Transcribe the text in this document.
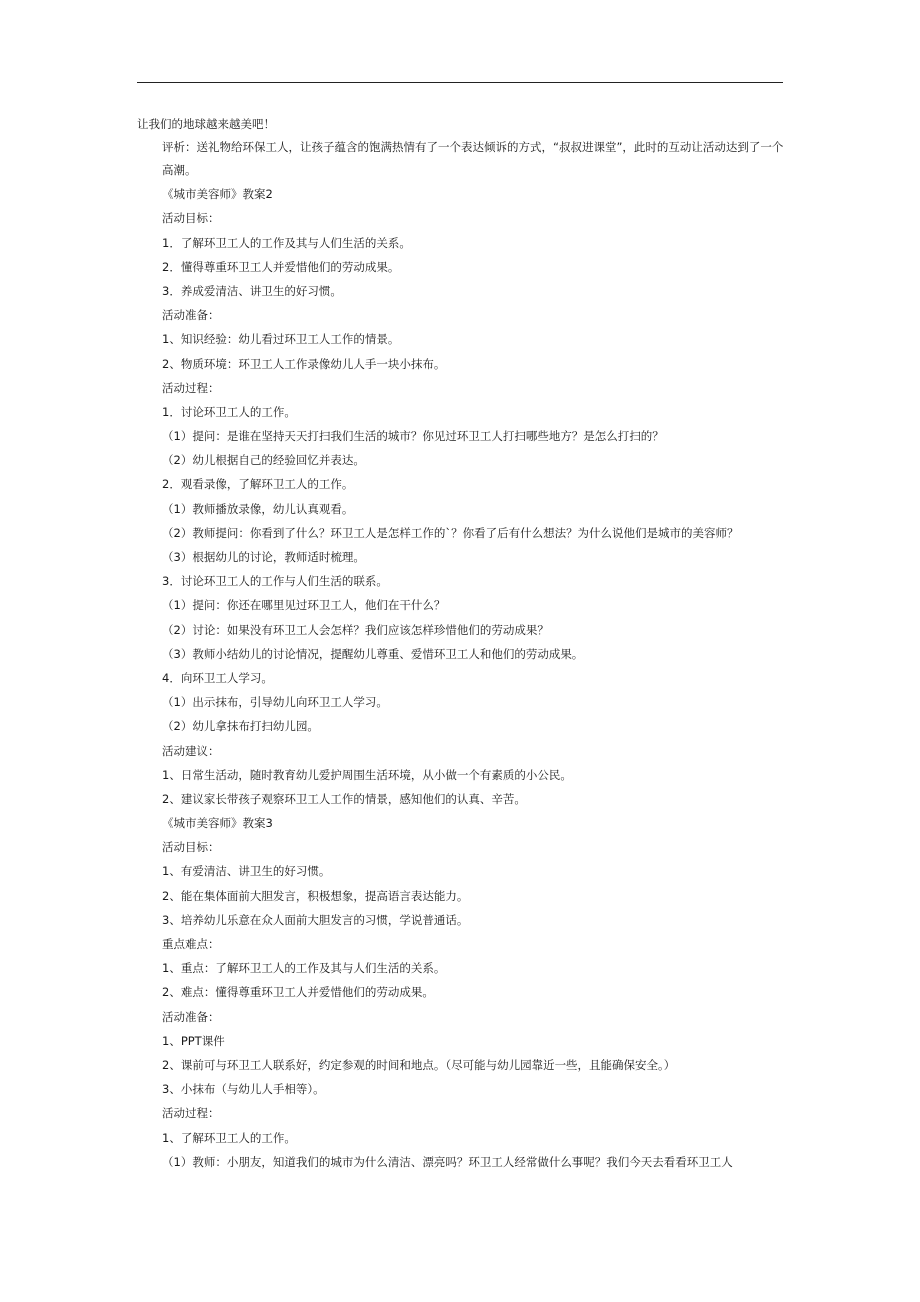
让我们的地球越来越美吧！
评析：送礼物给环保工人，让孩子蕴含的饱满热情有了一个表达倾诉的方式，“叔叔进课堂”，此时的互动让活动达到了一个高潮。
《城市美容师》教案2
活动目标：
1．了解环卫工人的工作及其与人们生活的关系。
2．懂得尊重环卫工人并爱惜他们的劳动成果。
3．养成爱清洁、讲卫生的好习惯。
活动准备：
1、知识经验：幼儿看过环卫工人工作的情景。
2、物质环境：环卫工人工作录像幼儿人手一块小抹布。
活动过程：
1．讨论环卫工人的工作。
（1）提问：是谁在坚持天天打扫我们生活的城市？你见过环卫工人打扫哪些地方？是怎么打扫的？
（2）幼儿根据自己的经验回忆并表达。
2．观看录像，了解环卫工人的工作。
（1）教师播放录像，幼儿认真观看。
（2）教师提问：你看到了什么？环卫工人是怎样工作的`？你看了后有什么想法？为什么说他们是城市的美容师？
（3）根据幼儿的讨论，教师适时梳理。
3．讨论环卫工人的工作与人们生活的联系。
（1）提问：你还在哪里见过环卫工人，他们在干什么？
（2）讨论：如果没有环卫工人会怎样？我们应该怎样珍惜他们的劳动成果？
（3）教师小结幼儿的讨论情况，提醒幼儿尊重、爱惜环卫工人和他们的劳动成果。
4．向环卫工人学习。
（1）出示抹布，引导幼儿向环卫工人学习。
（2）幼儿拿抹布打扫幼儿园。
活动建议：
1、日常生活动，随时教育幼儿爱护周围生活环境，从小做一个有素质的小公民。
2、建议家长带孩子观察环卫工人工作的情景，感知他们的认真、辛苦。
《城市美容师》教案3
活动目标：
1、有爱清洁、讲卫生的好习惯。
2、能在集体面前大胆发言，积极想象，提高语言表达能力。
3、培养幼儿乐意在众人面前大胆发言的习惯，学说普通话。
重点难点：
1、重点：了解环卫工人的工作及其与人们生活的关系。
2、难点：懂得尊重环卫工人并爱惜他们的劳动成果。
活动准备：
1、PPT课件
2、课前可与环卫工人联系好，约定参观的时间和地点。（尽可能与幼儿园靠近一些，且能确保安全。）
3、小抹布（与幼儿人手相等）。
活动过程：
1、了解环卫工人的工作。
（1）教师：小朋友，知道我们的城市为什么清洁、漂亮吗？环卫工人经常做什么事呢？我们今天去看看环卫工人
